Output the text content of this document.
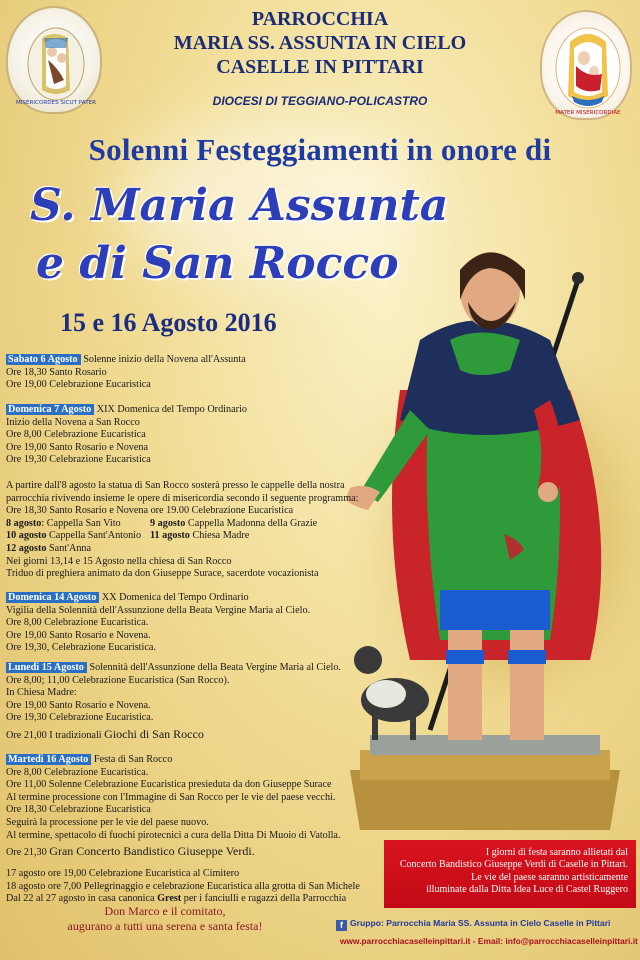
MISERICORDES SICUT PATER
MATER MISERICORDIAE
PARROCCHIA
MARIA SS. ASSUNTA IN CIELO
CASELLE IN PITTARI
DIOCESI DI TEGGIANO-POLICASTRO
Solenni Festeggiamenti in onore di
S. Maria Assunta
e di San Rocco
15 e 16 Agosto 2016
Sabato 6 Agosto Solenne inizio della Novena all'Assunta
Ore 18,30 Santo Rosario
Ore 19,00 Celebrazione Eucaristica
Domenica 7 Agosto XIX Domenica del Tempo Ordinario
Inizio della Novena a San Rocco
Ore 8,00 Celebrazione Eucaristica
Ore 19,00 Santo Rosario e Novena
Ore 19,30 Celebrazione Eucaristica
A partire dall'8 agosto la statua di San Rocco sosterà presso le cappelle della nostra
parrocchia rivivendo insieme le opere di misericordia secondo il seguente programma:
Ore 18,30 Santo Rosario e Novena ore 19.00 Celebrazione Eucaristica
8 agosto: Cappella San Vito	9 agosto Cappella Madonna della Grazie
10 agosto Cappella Sant'Antonio 11 agosto Chiesa Madre
12 agosto Sant'Anna
Nei giorni 13,14 e 15 Agosto nella chiesa di San Rocco
Triduo di preghiera animato da don Giuseppe Surace, sacerdote vocazionista
Domenica 14 Agosto XX Domenica del Tempo Ordinario
Vigilia della Solennità dell'Assunzione della Beata Vergine Maria al Cielo.
Ore 8,00 Celebrazione Eucaristica.
Ore 19,00 Santo Rosario e Novena.
Ore 19,30, Celebrazione Eucaristica.
Lunedì 15 Agosto Solennità dell'Assunzione della Beata Vergine Maria al Cielo.
Ore 8,00; 11,00 Celebrazione Eucaristica (San Rocco).
In Chiesa Madre:
Ore 19,00 Santo Rosario e Novena.
Ore 19,30 Celebrazione Eucaristica.
Ore 21,00 I tradizionali Giochi di San Rocco
Martedì 16 Agosto Festa di San Rocco
Ore 8,00 Celebrazione Eucaristica.
Ore 11,00 Solenne Celebrazione Eucaristica presieduta da don Giuseppe Surace
Al termine processione con l'Immagine di San Rocco per le vie del paese vecchi.
Ore 18,30 Celebrazione Eucaristica
Seguirà la processione per le vie del paese nuovo.
Al termine, spettacolo di fuochi pirotecnici a cura della Ditta Di Muoio di Vatolla.
Ore 21,30 Gran Concerto Bandistico Giuseppe Verdi.
17 agosto ore 19,00 Celebrazione Eucaristica al Cimitero
18 agosto ore 7,00 Pellegrinaggio e celebrazione Eucaristica alla grotta di San Michele
Dal 22 al 27 agosto in casa canonica Grest per i fanciulli e ragazzi della Parrocchia
I giorni di festa saranno allietati dal
Concerto Bandistico Giuseppe Verdi di Caselle in Pittari.
Le vie del paese saranno artisticamente
illuminate dalla Ditta Idea Luce di Castel Ruggero
Don Marco e il comitato,
augurano a tutti una serena e santa festa!	f Gruppo: Parrocchia Maria SS. Assunta in Cielo Caselle in Pittari
www.parrocchiacaselleinpittari.it - Email: info@parrocchiacaselleinpittari.it
